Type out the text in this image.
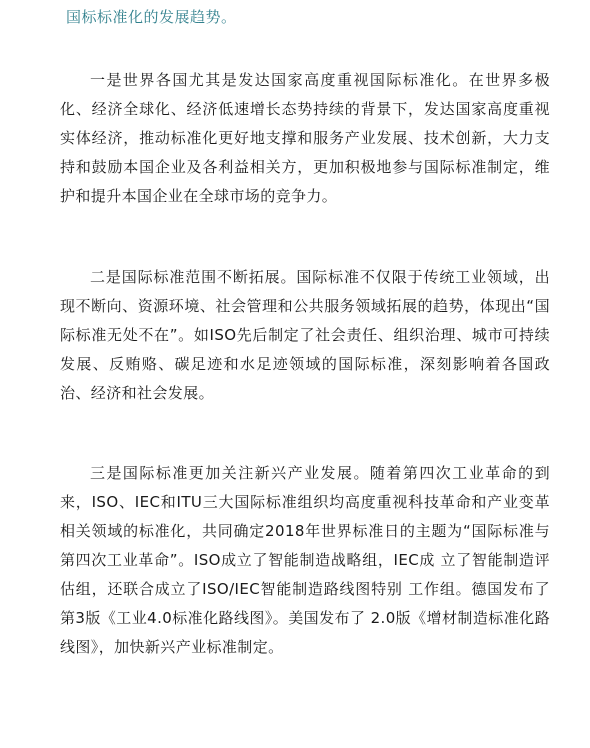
国标标准化的发展趋势。

一是世界各国尤其是发达国家高度重视国际标准化。在世界多极化、经济全球化、经济低速增长态势持续的背景下，发达国家高度重视实体经济，推动标准化更好地支撑和服务产业发展、技术创新，大力支持和鼓励本国企业及各利益相关方，更加积极地参与国际标准制定，维护和提升本国企业在全球市场的竞争力。

二是国际标准范围不断拓展。国际标准不仅限于传统工业领域，出现不断向、资源环境、社会管理和公共服务领域拓展的趋势，体现出“国际标准无处不在”。如ISO先后制定了社会责任、组织治理、城市可持续发展、反贿赂、碳足迹和水足迹领域的国际标准，深刻影响着各国政治、经济和社会发展。

三是国际标准更加关注新兴产业发展。随着第四次工业革命的到来，ISO、IEC和ITU三大国际标准组织均高度重视科技革命和产业变革相关领域的标准化，共同确定2018年世界标准日的主题为“国际标准与第四次工业革命”。ISO成立了智能制造战略组，IEC成 立了智能制造评估组，还联合成立了ISO/IEC智能制造路线图特别 工作组。德国发布了第3版《工业4.0标准化路线图》。美国发布了 2.0版《增材制造标准化路线图》，加快新兴产业标准制定。
